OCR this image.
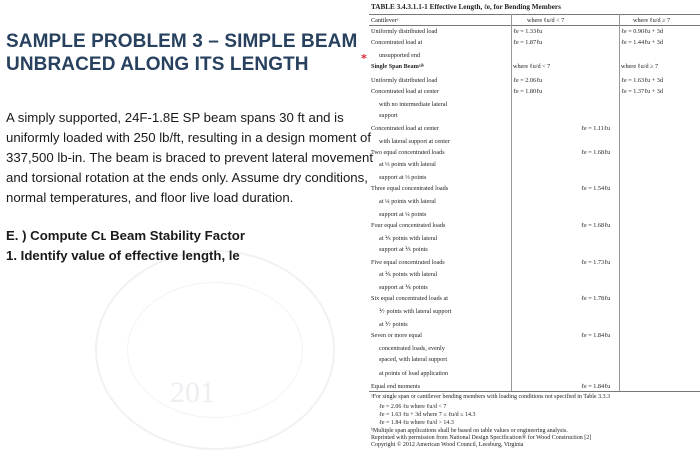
201
SAMPLE PROBLEM 3 – SIMPLE BEAM
UNBRACED ALONG ITS LENGTH

A simply supported, 24F-1.8E SP beam spans 30 ft and is uniformly loaded with 250 lb/ft, resulting in a design moment of 337,500 lb-in. The beam is braced to prevent lateral movement and torsional rotation at the ends only. Assume dry conditions, normal temperatures, and floor live load duration.

E. ) Compute Cʟ Beam Stability Factor
1. Identify value of effective length, le
*
TABLE 3.4.3.1.1-1 Effective Length, ℓe, for Bending Members
Cantileverᵃ	where ℓu/d < 7	where ℓu/d ≥ 7
Uniformly distributed load	ℓe = 1.33ℓu	ℓe = 0.90ℓu + 3d
Concentrated load at	ℓe = 1.87ℓu	ℓe = 1.44ℓu + 3d
unsupported end
Single Span Beamᵃʲᵇ	where ℓu/d < 7	where ℓu/d ≥ 7
Uniformly distributed load	ℓe = 2.06ℓu	ℓe = 1.63ℓu + 3d
Concentrated load at center	ℓe = 1.80ℓu	ℓe = 1.37ℓu + 3d
with no intermediate lateral
support
Concentrated load at center	ℓe = 1.11ℓu
with lateral support at center
Two equal concentrated loads	ℓe = 1.68ℓu
at ⅓ points with lateral
support at ⅓ points
Three equal concentrated loads	ℓe = 1.54ℓu
at ¼ points with lateral
support at ¼ points
Four equal concentrated loads	ℓe = 1.68ℓu
at ⅕ points with lateral
support at ⅕ points
Five equal concentrated loads	ℓe = 1.73ℓu
at ⅙ points with lateral
support at ⅙ points
Six equal concentrated loads at	ℓe = 1.78ℓu
⅐ points with lateral support
at ⅐ points
Seven or more equal	ℓe = 1.84ℓu
concentrated loads, evenly
spaced, with lateral support
at points of load application
Equal end moments	ℓe = 1.84ℓu
ᵃFor single span or cantilever bending members with loading conditions not specified in Table 3.3.3
ℓe = 2.06 ℓu where ℓu/d < 7
ℓe = 1.63 ℓu + 3d where 7 ≤ ℓu/d ≤ 14.3
ℓe = 1.84 ℓu where ℓu/d > 14.3
ᵇMultiple span applications shall be based on table values or engineering analysis.
Reprinted with permission from National Design Specification® for Wood Construction [2]
Copyright © 2012 American Wood Council, Leesburg, Virginia
